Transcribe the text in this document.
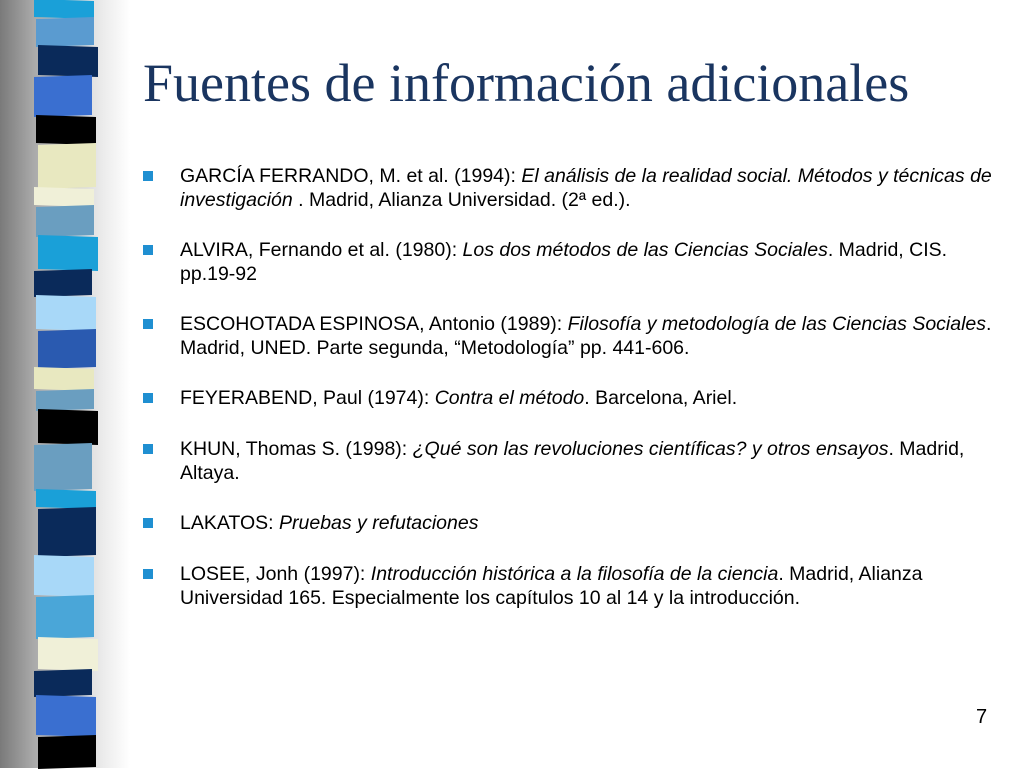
Fuentes de información adicionales
GARCÍA FERRANDO, M. et al. (1994): El análisis de la realidad social. Métodos y técnicas de investigación . Madrid, Alianza Universidad. (2ª ed.).
ALVIRA, Fernando et al. (1980): Los dos métodos de las Ciencias Sociales. Madrid, CIS. pp.19-92
ESCOHOTADA ESPINOSA, Antonio (1989): Filosofía y metodología de las Ciencias Sociales. Madrid, UNED. Parte segunda, “Metodología” pp. 441-606.
FEYERABEND, Paul (1974): Contra el método. Barcelona, Ariel.
KHUN, Thomas S. (1998): ¿Qué son las revoluciones científicas? y otros ensayos. Madrid, Altaya.
LAKATOS: Pruebas y refutaciones
LOSEE, Jonh (1997): Introducción histórica a la filosofía de la ciencia. Madrid, Alianza Universidad 165. Especialmente los capítulos 10 al 14 y la introducción.
7
